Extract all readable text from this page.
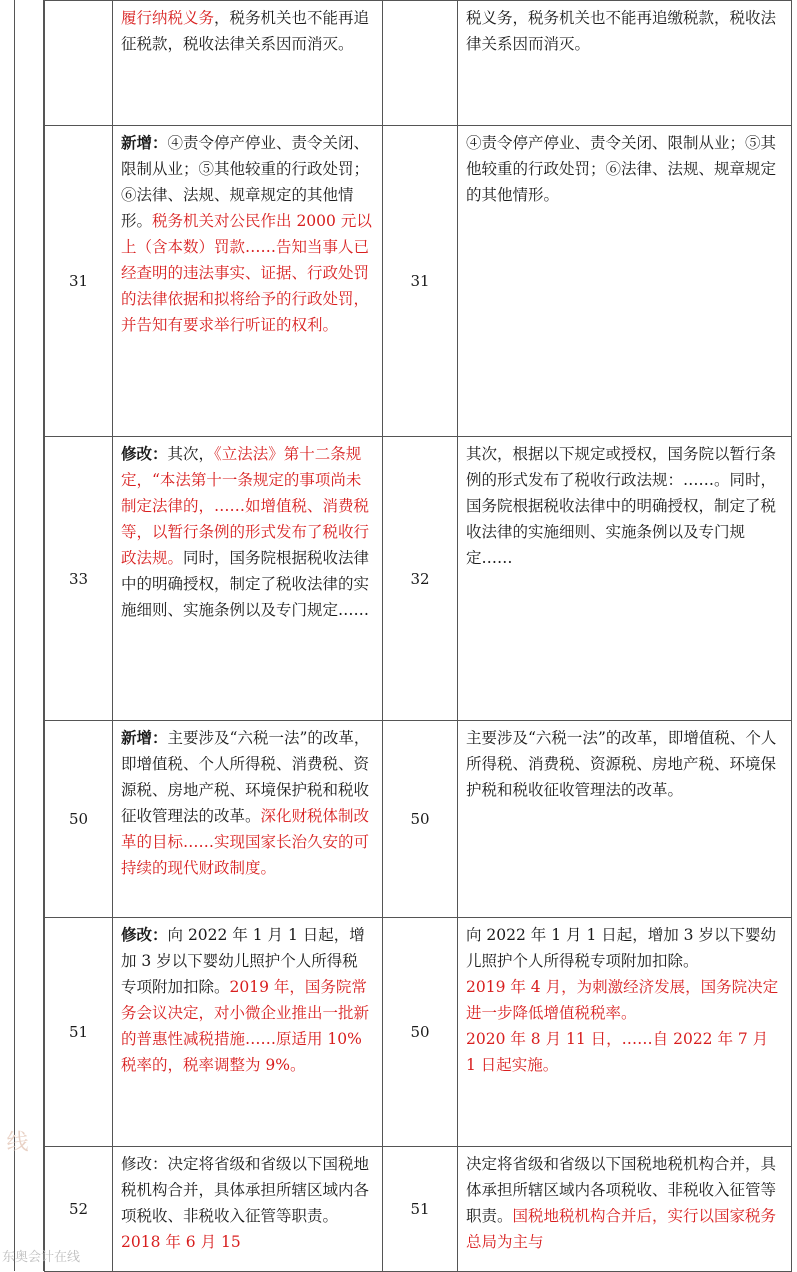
	履行纳税义务，税务机关也不能再追征税款，税收法律关系因而消灭。		税义务，税务机关也不能再追缴税款，税收法律关系因而消灭。

31	新增：④责令停产停业、责令关闭、限制从业；⑤其他较重的行政处罚；⑥法律、法规、规章规定的其他情形。税务机关对公民作出 2000 元以上（含本数）罚款……告知当事人已经查明的违法事实、证据、行政处罚的法律依据和拟将给予的行政处罚，并告知有要求举行听证的权利。	31	④责令停产停业、责令关闭、限制从业；⑤其他较重的行政处罚；⑥法律、法规、规章规定的其他情形。

33	修改：其次，《立法法》第十二条规定，“本法第十一条规定的事项尚未制定法律的，……如增值税、消费税等，以暂行条例的形式发布了税收行政法规。同时，国务院根据税收法律中的明确授权，制定了税收法律的实施细则、实施条例以及专门规定……	32	其次，根据以下规定或授权，国务院以暂行条例的形式发布了税收行政法规：……。同时，国务院根据税收法律中的明确授权，制定了税收法律的实施细则、实施条例以及专门规定……

50	新增：主要涉及“六税一法”的改革，即增值税、个人所得税、消费税、资源税、房地产税、环境保护税和税收征收管理法的改革。深化财税体制改革的目标……实现国家长治久安的可持续的现代财政制度。	50	主要涉及“六税一法”的改革，即增值税、个人所得税、消费税、资源税、房地产税、环境保护税和税收征收管理法的改革。

51	修改：向 2022 年 1 月 1 日起，增加 3 岁以下婴幼儿照护个人所得税专项附加扣除。2019 年，国务院常务会议决定，对小微企业推出一批新的普惠性减税措施……原适用 10%税率的，税率调整为 9%。	50	向 2022 年 1 月 1 日起，增加 3 岁以下婴幼儿照护个人所得税专项附加扣除。
2019 年 4 月，为刺激经济发展，国务院决定进一步降低增值税税率。
2020 年 8 月 11 日，……自 2022 年 7 月 1 日起实施。

52	修改：决定将省级和省级以下国税地税机构合并，具体承担所辖区域内各项税收、非税收入征管等职责。2018 年 6 月 15	51	决定将省级和省级以下国税地税机构合并，具体承担所辖区域内各项税收、非税收入征管等职责。国税地税机构合并后，实行以国家税务总局为主与
东奥会计在线
线
